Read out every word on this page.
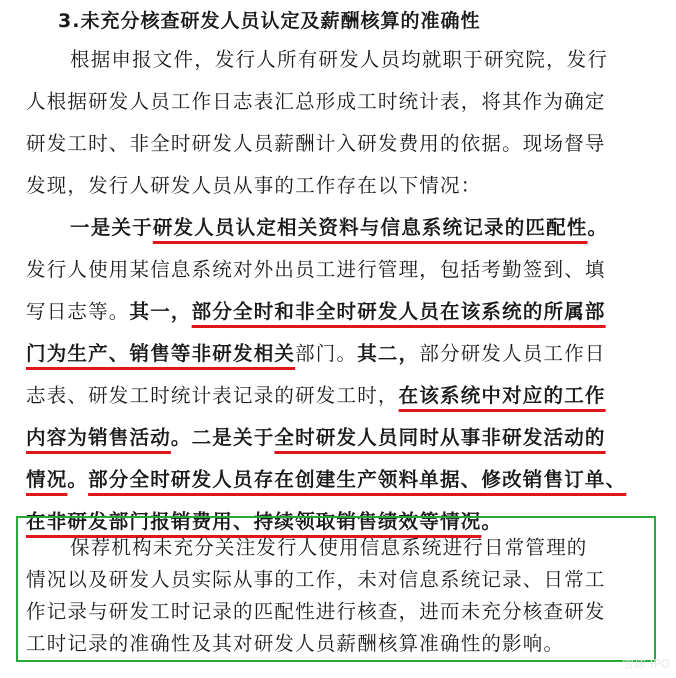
3.未充分核查研发人员认定及薪酬核算的准确性
根据申报文件，发行人所有研发人员均就职于研究院，发行
人根据研发人员工作日志表汇总形成工时统计表，将其作为确定
研发工时、非全时研发人员薪酬计入研发费用的依据。现场督导
发现，发行人研发人员从事的工作存在以下情况：
一是关于研发人员认定相关资料与信息系统记录的匹配性。
发行人使用某信息系统对外出员工进行管理，包括考勤签到、填
写日志等。其一，部分全时和非全时研发人员在该系统的所属部
门为生产、销售等非研发相关部门。其二，部分研发人员工作日
志表、研发工时统计表记录的研发工时，在该系统中对应的工作
内容为销售活动。二是关于全时研发人员同时从事非研发活动的
情况。部分全时研发人员存在创建生产领料单据、修改销售订单、
在非研发部门报销费用、持续领取销售绩效等情况。
保荐机构未充分关注发行人使用信息系统进行日常管理的
情况以及研发人员实际从事的工作，未对信息系统记录、日常工
作记录与研发工时记录的匹配性进行核查，进而未充分核查研发
工时记录的准确性及其对研发人员薪酬核算准确性的影响。
雪球·IPO
